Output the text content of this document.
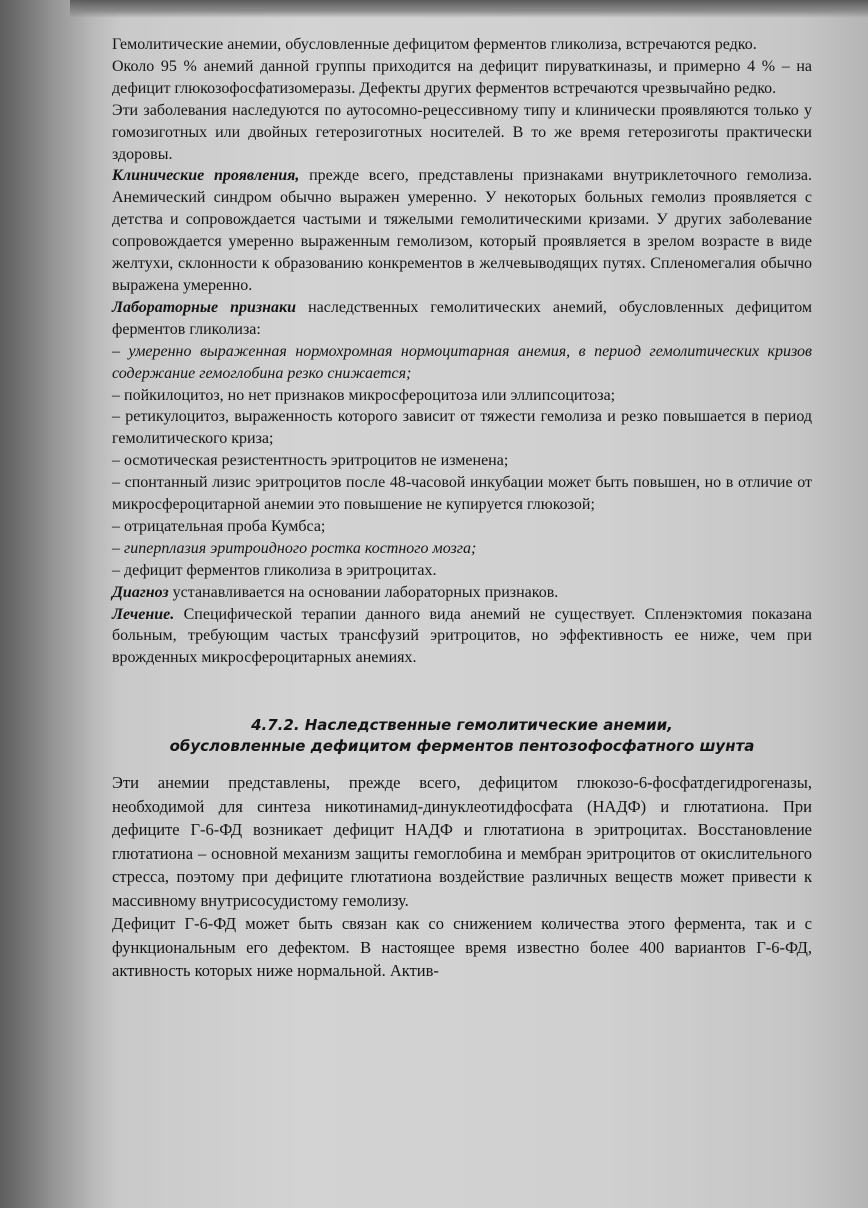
Гемолитические анемии, обусловленные дефицитом ферментов гликолиза, встречаются редко.

Около 95 % анемий данной группы приходится на дефицит пируваткиназы, и примерно 4 % – на дефицит глюкозофосфатизомеразы. Дефекты других ферментов встречаются чрезвычайно редко.

Эти заболевания наследуются по аутосомно-рецессивному типу и клинически проявляются только у гомозиготных или двойных гетерозиготных носителей. В то же время гетерозиготы практически здоровы.

Клинические проявления, прежде всего, представлены признаками внутриклеточного гемолиза. Анемический синдром обычно выражен умеренно. У некоторых больных гемолиз проявляется с детства и сопровождается частыми и тяжелыми гемолитическими кризами. У других заболевание сопровождается умеренно выраженным гемолизом, который проявляется в зрелом возрасте в виде желтухи, склонности к образованию конкрементов в желчевыводящих путях. Спленомегалия обычно выражена умеренно.

Лабораторные признаки наследственных гемолитических анемий, обусловленных дефицитом ферментов гликолиза:

– умеренно выраженная нормохромная нормоцитарная анемия, в период гемолитических кризов содержание гемоглобина резко снижается;

– пойкилоцитоз, но нет признаков микросфероцитоза или эллипсоцитоза;

– ретикулоцитоз, выраженность которого зависит от тяжести гемолиза и резко повышается в период гемолитического криза;

– осмотическая резистентность эритроцитов не изменена;

– спонтанный лизис эритроцитов после 48-часовой инкубации может быть повышен, но в отличие от микросфероцитарной анемии это повышение не купируется глюкозой;

– отрицательная проба Кумбса;

– гиперплазия эритроидного ростка костного мозга;

– дефицит ферментов гликолиза в эритроцитах.

Диагноз устанавливается на основании лабораторных признаков.

Лечение. Специфической терапии данного вида анемий не существует. Спленэктомия показана больным, требующим частых трансфузий эритроцитов, но эффективность ее ниже, чем при врожденных микросфероцитарных анемиях.

4.7.2. Наследственные гемолитические анемии,
обусловленные дефицитом ферментов пентозофосфатного шунта

Эти анемии представлены, прежде всего, дефицитом глюкозо-6-фосфатдегидрогеназы, необходимой для синтеза никотинамид-динуклеотидфосфата (НАДФ) и глютатиона. При дефиците Г-6-ФД возникает дефицит НАДФ и глютатиона в эритроцитах. Восстановление глютатиона – основной механизм защиты гемоглобина и мембран эритроцитов от окислительного стресса, поэтому при дефиците глютатиона воздействие различных веществ может привести к массивному внутрисосудистому гемолизу.

Дефицит Г-6-ФД может быть связан как со снижением количества этого фермента, так и с функциональным его дефектом. В настоящее время известно более 400 вариантов Г-6-ФД, активность которых ниже нормальной. Актив-
